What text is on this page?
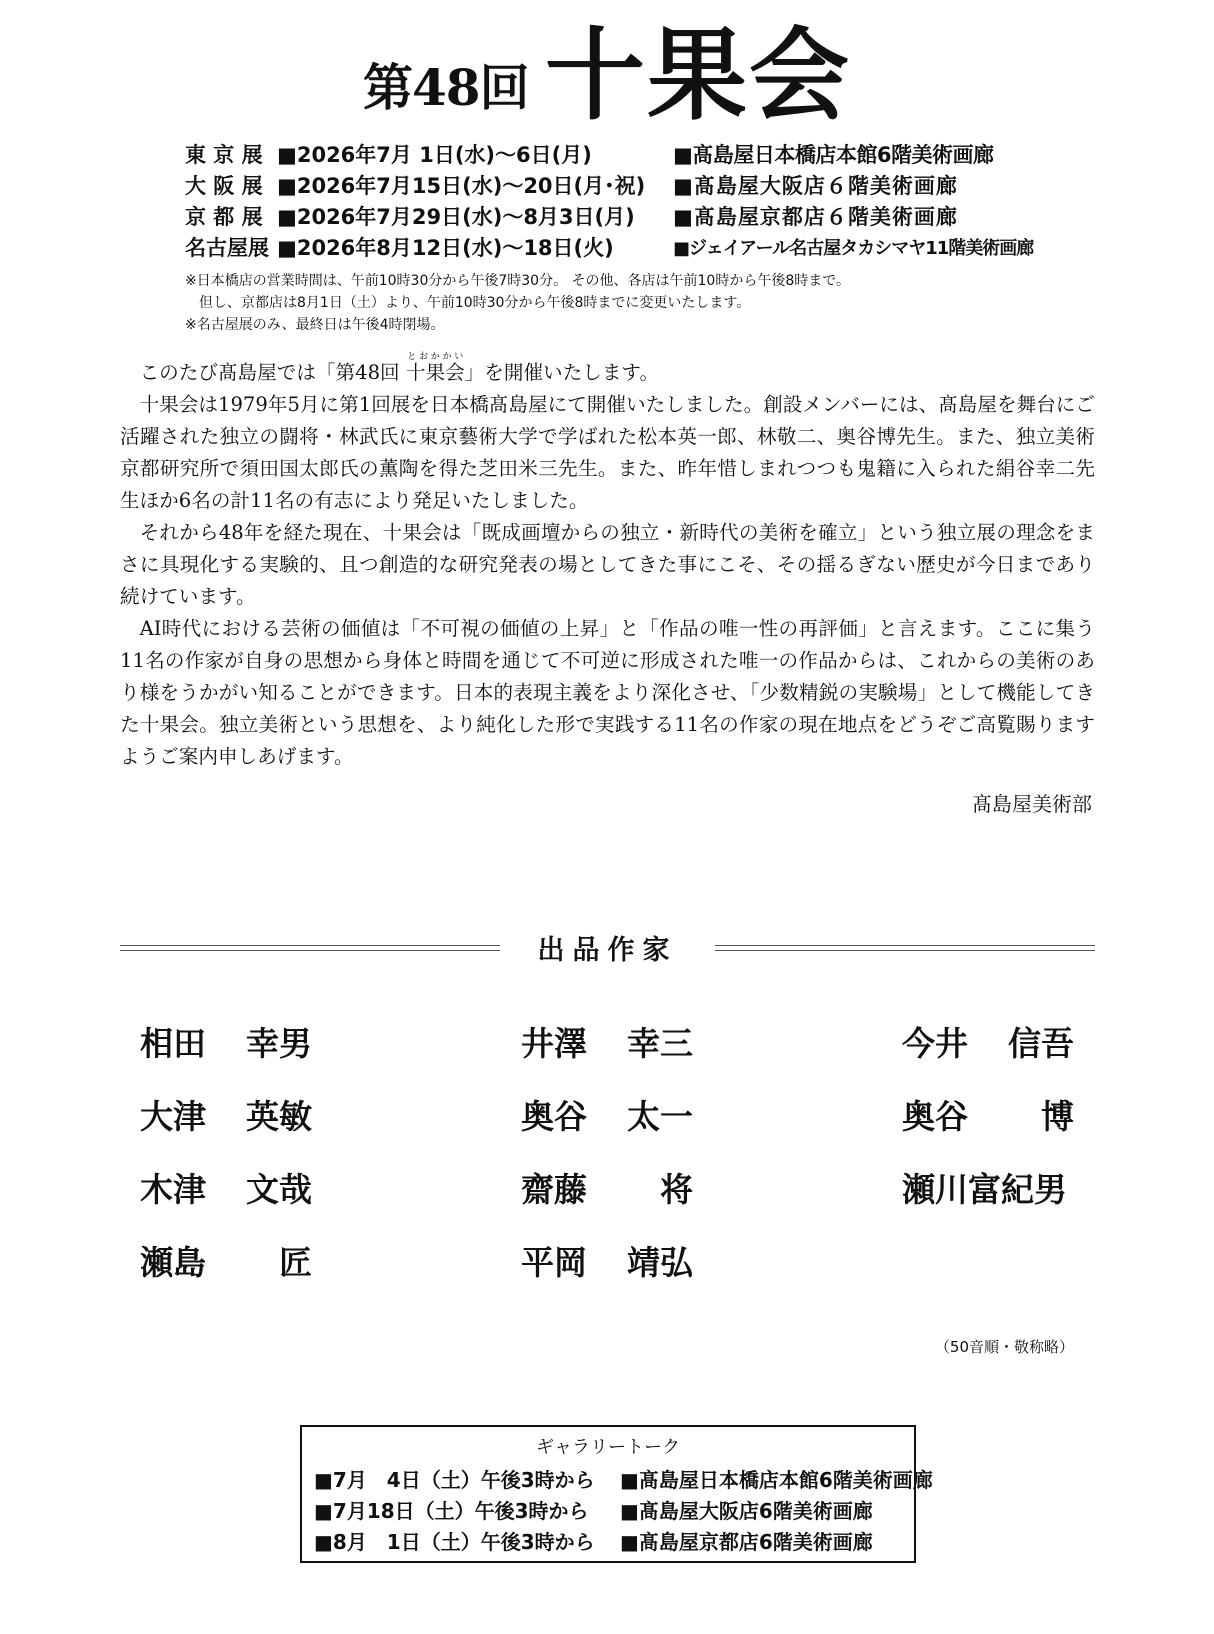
第48回 十果会
東 京 展 ■2026年7月 1日(水)～6日(月)	■髙島屋日本橋店本館6階美術画廊
大 阪 展 ■2026年7月15日(水)～20日(月･祝) ■髙島屋大阪店６階美術画廊
京 都 展 ■2026年7月29日(水)～8月3日(月) ■髙島屋京都店６階美術画廊
名古屋展 ■2026年8月12日(水)～18日(火)	■ジェイアール名古屋タカシマヤ11階美術画廊
※日本橋店の営業時間は、午前10時30分から午後7時30分。 その他、各店は午前10時から午後8時まで。
　但し、京都店は8月1日（土）より、午前10時30分から午後8時までに変更いたします。
※名古屋展のみ、最終日は午後4時閉場。

このたび髙島屋では「第48回 十果会とおかかい」を開催いたします。

十果会は1979年5月に第1回展を日本橋髙島屋にて開催いたしました。創設メンバーには、髙島屋を舞台にご活躍された独立の闘将・林武氏に東京藝術大学で学ばれた松本英一郎、林敬二、奥谷博先生。また、独立美術京都研究所で須田国太郎氏の薫陶を得た芝田米三先生。また、昨年惜しまれつつも鬼籍に入られた絹谷幸二先生ほか6名の計11名の有志により発足いたしました。

それから48年を経た現在、十果会は「既成画壇からの独立・新時代の美術を確立」という独立展の理念をまさに具現化する実験的、且つ創造的な研究発表の場としてきた事にこそ、その揺るぎない歴史が今日まであり続けています。

AI時代における芸術の価値は「不可視の価値の上昇」と「作品の唯一性の再評価」と言えます。ここに集う11名の作家が自身の思想から身体と時間を通じて不可逆に形成された唯一の作品からは、これからの美術のあり様をうかがい知ることができます。日本的表現主義をより深化させ、「少数精鋭の実験場」として機能してきた十果会。独立美術という思想を、より純化した形で実践する11名の作家の現在地点をどうぞご高覧賜りますようご案内申しあげます。

髙島屋美術部
出品作家
相田 幸男	井澤 幸三	今井 信吾
大津 英敏	奥谷 太一	奥谷 博
木津 文哉	齋藤 将	瀬川富紀男
瀬島 匠	平岡 靖弘
（50音順・敬称略）
ギャラリートーク
■7月　4日（土）午後3時から ■髙島屋日本橋店本館6階美術画廊
■7月18日（土）午後3時から ■髙島屋大阪店6階美術画廊
■8月　1日（土）午後3時から ■髙島屋京都店6階美術画廊
